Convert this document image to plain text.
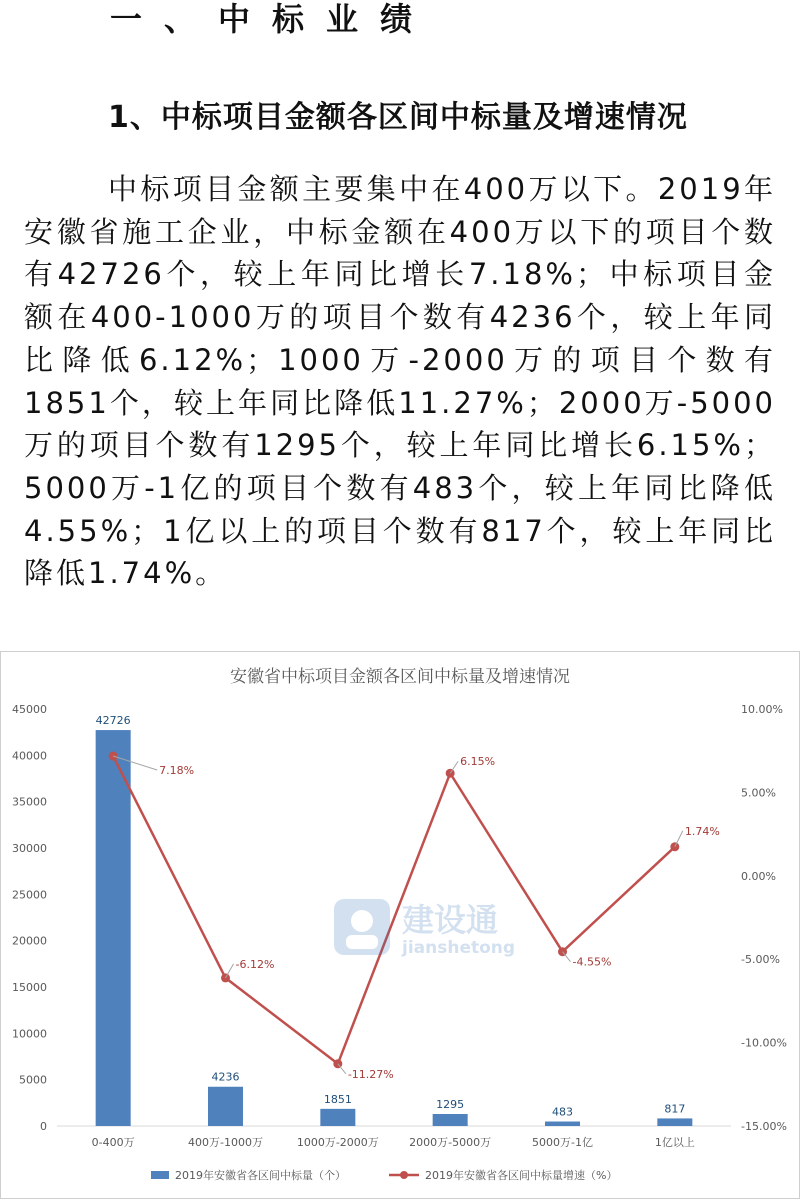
一、中标业绩
1、中标项目金额各区间中标量及增速情况

中标项目金额主要集中在400万以下。2019年安徽省施工企业，中标金额在400万以下的项目个数有42726个，较上年同比增长7.18%；中标项目金额在400-1000万的项目个数有4236个，较上年同比降低6.12%；1000万-2000万的项目个数有1851个，较上年同比降低11.27%；2000万-5000万的项目个数有1295个，较上年同比增长6.15%；5000万-1亿的项目个数有483个，较上年同比降低4.55%；1亿以上的项目个数有817个，较上年同比降低1.74%。

安徽省中标项目金额各区间中标量及增速情况
0
5000
10000
15000
20000
25000
30000
35000
40000
45000
-15.00%
-10.00%
-5.00%
0.00%
5.00%
10.00%
42726
4236
1851	1295
483	817
0-400万	400万-1000万	1000万-2000万	2000万-5000万	5000万-1亿	1亿以上
7.18%
-6.12%
-11.27%
6.15%
-4.55%
1.74%
2019年安徽省各区间中标量（个）	2019年安徽省各区间中标量增速（%）
建设通
jianshetong
